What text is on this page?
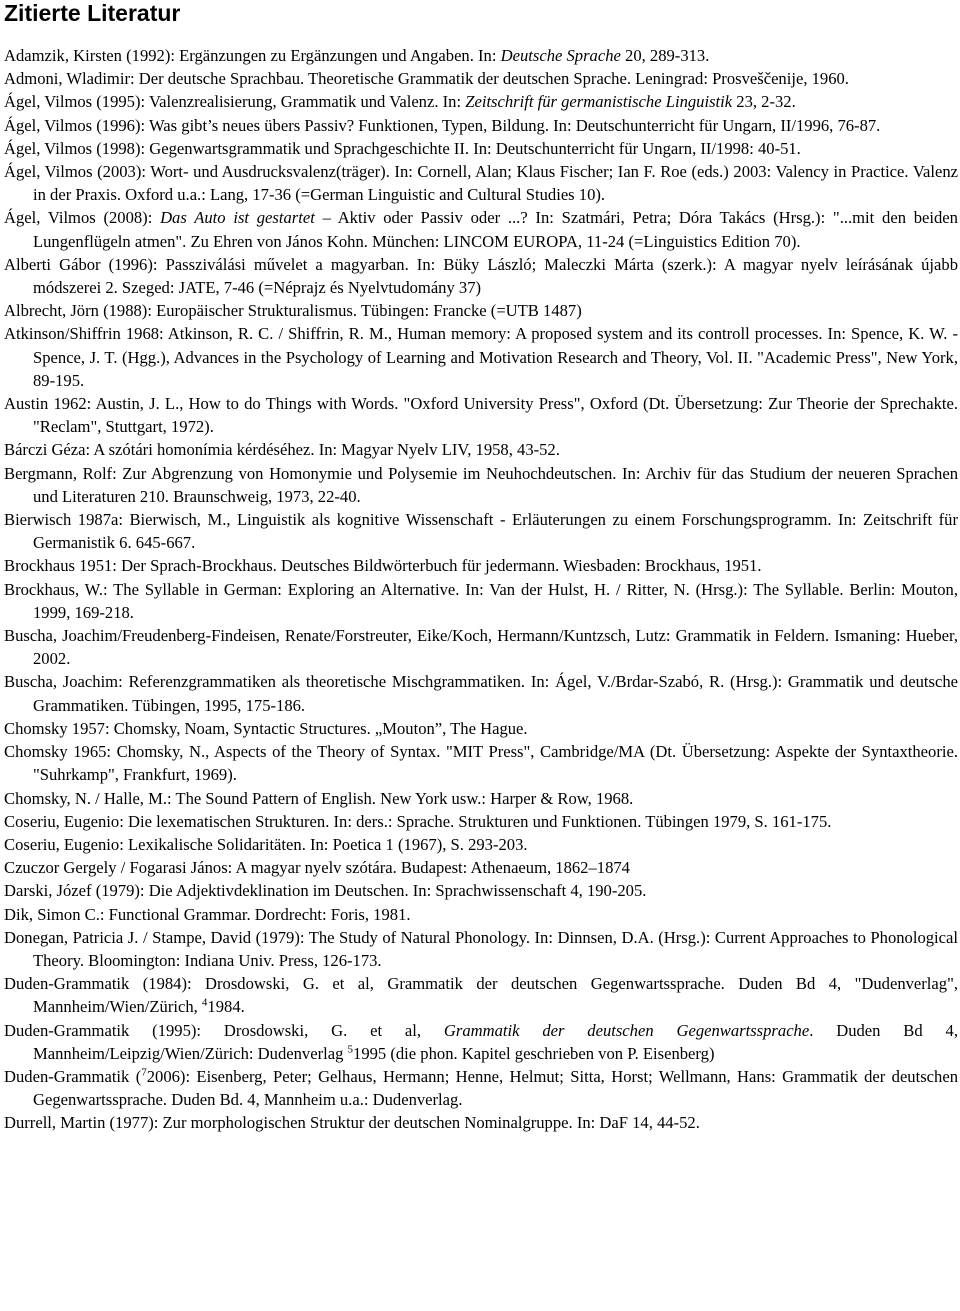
Zitierte Literatur

Adamzik, Kirsten (1992): Ergänzungen zu Ergänzungen und Angaben. In: Deutsche Sprache 20, 289-313.

Admoni, Wladimir: Der deutsche Sprachbau. Theoretische Grammatik der deutschen Sprache. Leningrad: Prosveščenije, 1960.

Ágel, Vilmos (1995): Valenzrealisierung, Grammatik und Valenz. In: Zeitschrift für germanistische Linguistik 23, 2-32.

Ágel, Vilmos (1996): Was gibt’s neues übers Passiv? Funktionen, Typen, Bildung. In: Deutschunterricht für Ungarn, II/1996, 76-87.

Ágel, Vilmos (1998): Gegenwartsgrammatik und Sprachgeschichte II. In: Deutschunterricht für Ungarn, II/1998: 40-51.

Ágel, Vilmos (2003): Wort- und Ausdrucksvalenz(träger). In: Cornell, Alan; Klaus Fischer; Ian F. Roe (eds.) 2003: Valency in Practice. Valenz in der Praxis. Oxford u.a.: Lang, 17-36 (=German Linguistic and Cultural Studies 10).

Ágel, Vilmos (2008): Das Auto ist gestartet – Aktiv oder Passiv oder ...? In: Szatmári, Petra; Dóra Takács (Hrsg.): "...mit den beiden Lungenflügeln atmen". Zu Ehren von János Kohn. München: LINCOM EUROPA, 11-24 (=Linguistics Edition 70).

Alberti Gábor (1996): Passziválási művelet a magyarban. In: Büky László; Maleczki Márta (szerk.): A magyar nyelv leírásának újabb módszerei 2. Szeged: JATE, 7-46 (=Néprajz és Nyelvtudomány 37)

Albrecht, Jörn (1988): Europäischer Strukturalismus. Tübingen: Francke (=UTB 1487)

Atkinson/Shiffrin 1968: Atkinson, R. C. / Shiffrin, R. M., Human memory: A proposed system and its controll processes. In: Spence, K. W. - Spence, J. T. (Hgg.), Advances in the Psychology of Learning and Motivation Research and Theory, Vol. II. "Academic Press", New York, 89-195.

Austin 1962: Austin, J. L., How to do Things with Words. "Oxford University Press", Oxford (Dt. Übersetzung: Zur Theorie der Sprechakte. "Reclam", Stuttgart, 1972).

Bárczi Géza: A szótári homonímia kérdéséhez. In: Magyar Nyelv LIV, 1958, 43-52.

Bergmann, Rolf: Zur Abgrenzung von Homonymie und Polysemie im Neuhochdeutschen. In: Archiv für das Studium der neueren Sprachen und Literaturen 210. Braunschweig, 1973, 22-40.

Bierwisch 1987a: Bierwisch, M., Linguistik als kognitive Wissenschaft - Erläuterungen zu einem Forschungsprogramm. In: Zeitschrift für Germanistik 6. 645-667.

Brockhaus 1951: Der Sprach-Brockhaus. Deutsches Bildwörterbuch für jedermann. Wiesbaden: Brockhaus, 1951.

Brockhaus, W.: The Syllable in German: Exploring an Alternative. In: Van der Hulst, H. / Ritter, N. (Hrsg.): The Syllable. Berlin: Mouton, 1999, 169-218.

Buscha, Joachim/Freudenberg-Findeisen, Renate/Forstreuter, Eike/Koch, Hermann/Kuntzsch, Lutz: Grammatik in Feldern. Ismaning: Hueber, 2002.

Buscha, Joachim: Referenzgrammatiken als theoretische Mischgrammatiken. In: Ágel, V./Brdar-Szabó, R. (Hrsg.): Grammatik und deutsche Grammatiken. Tübingen, 1995, 175-186.

Chomsky 1957: Chomsky, Noam, Syntactic Structures. „Mouton”, The Hague.

Chomsky 1965: Chomsky, N., Aspects of the Theory of Syntax. "MIT Press", Cambridge/MA (Dt. Übersetzung: Aspekte der Syntaxtheorie. "Suhrkamp", Frankfurt, 1969).

Chomsky, N. / Halle, M.: The Sound Pattern of English. New York usw.: Harper & Row, 1968.

Coseriu, Eugenio: Die lexematischen Strukturen. In: ders.: Sprache. Strukturen und Funktionen. Tübingen 1979, S. 161-175.

Coseriu, Eugenio: Lexikalische Solidaritäten. In: Poetica 1 (1967), S. 293-203.

Czuczor Gergely / Fogarasi János: A magyar nyelv szótára. Budapest: Athenaeum, 1862–1874

Darski, Józef (1979): Die Adjektivdeklination im Deutschen. In: Sprachwissenschaft 4, 190-205.

Dik, Simon C.: Functional Grammar. Dordrecht: Foris, 1981.

Donegan, Patricia J. / Stampe, David (1979): The Study of Natural Phonology. In: Dinnsen, D.A. (Hrsg.): Current Approaches to Phonological Theory. Bloomington: Indiana Univ. Press, 126-173.

Duden-Grammatik (1984): Drosdowski, G. et al, Grammatik der deutschen Gegenwartssprache. Duden Bd 4, "Dudenverlag", Mannheim/Wien/Zürich, $^4$1984.

Duden-Grammatik (1995): Drosdowski, G. et al, Grammatik der deutschen Gegenwartssprache. Duden Bd 4, Mannheim/Leipzig/Wien/Zürich: Dudenverlag $^5$1995 (die phon. Kapitel geschrieben von P. Eisenberg)

Duden-Grammatik ($^7$2006): Eisenberg, Peter; Gelhaus, Hermann; Henne, Helmut; Sitta, Horst; Wellmann, Hans: Grammatik der deutschen Gegenwartssprache. Duden Bd. 4, Mannheim u.a.: Dudenverlag.

Durrell, Martin (1977): Zur morphologischen Struktur der deutschen Nominalgruppe. In: DaF 14, 44-52.
